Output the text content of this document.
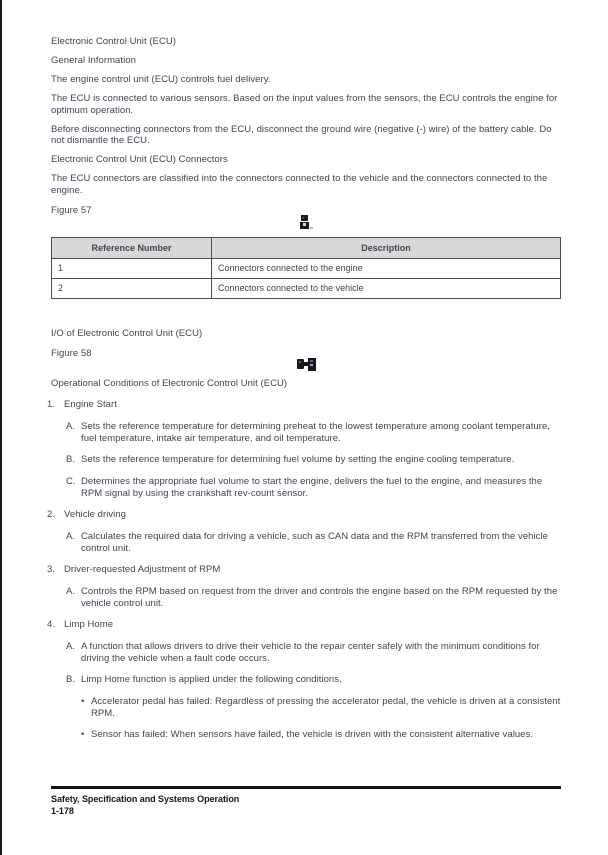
Electronic Control Unit (ECU)
General Information
The engine control unit (ECU) controls fuel delivery.
The ECU is connected to various sensors. Based on the input values from the sensors, the ECU controls the engine for optimum operation.
Before disconnecting connectors from the ECU, disconnect the ground wire (negative (-) wire) of the battery cable. Do not dismantle the ECU.
Electronic Control Unit (ECU) Connectors
The ECU connectors are classified into the connectors connected to the vehicle and the connectors connected to the engine.
Figure 57
Reference Number	Description
1	Connectors connected to the engine
2	Connectors connected to the vehicle
I/O of Electronic Control Unit (ECU)
Figure 58
Operational Conditions of Electronic Control Unit (ECU)
1. Engine Start
A. Sets the reference temperature for determining preheat to the lowest temperature among coolant temperature, fuel temperature, intake air temperature, and oil temperature.
B. Sets the reference temperature for determining fuel volume by setting the engine cooling temperature.
C. Determines the appropriate fuel volume to start the engine, delivers the fuel to the engine, and measures the RPM signal by using the crankshaft rev-count sensor.
2. Vehicle driving
A. Calculates the required data for driving a vehicle, such as CAN data and the RPM transferred from the vehicle control unit.
3. Driver-requested Adjustment of RPM
A. Controls the RPM based on request from the driver and controls the engine based on the RPM requested by the vehicle control unit.
4. Limp Home
A. A function that allows drivers to drive their vehicle to the repair center safely with the minimum conditions for driving the vehicle when a fault code occurs.
B. Limp Home function is applied under the following conditions.
• Accelerator pedal has failed: Regardless of pressing the accelerator pedal, the vehicle is driven at a consistent RPM.
• Sensor has failed: When sensors have failed, the vehicle is driven with the consistent alternative values.
Safety, Specification and Systems Operation
1-178
